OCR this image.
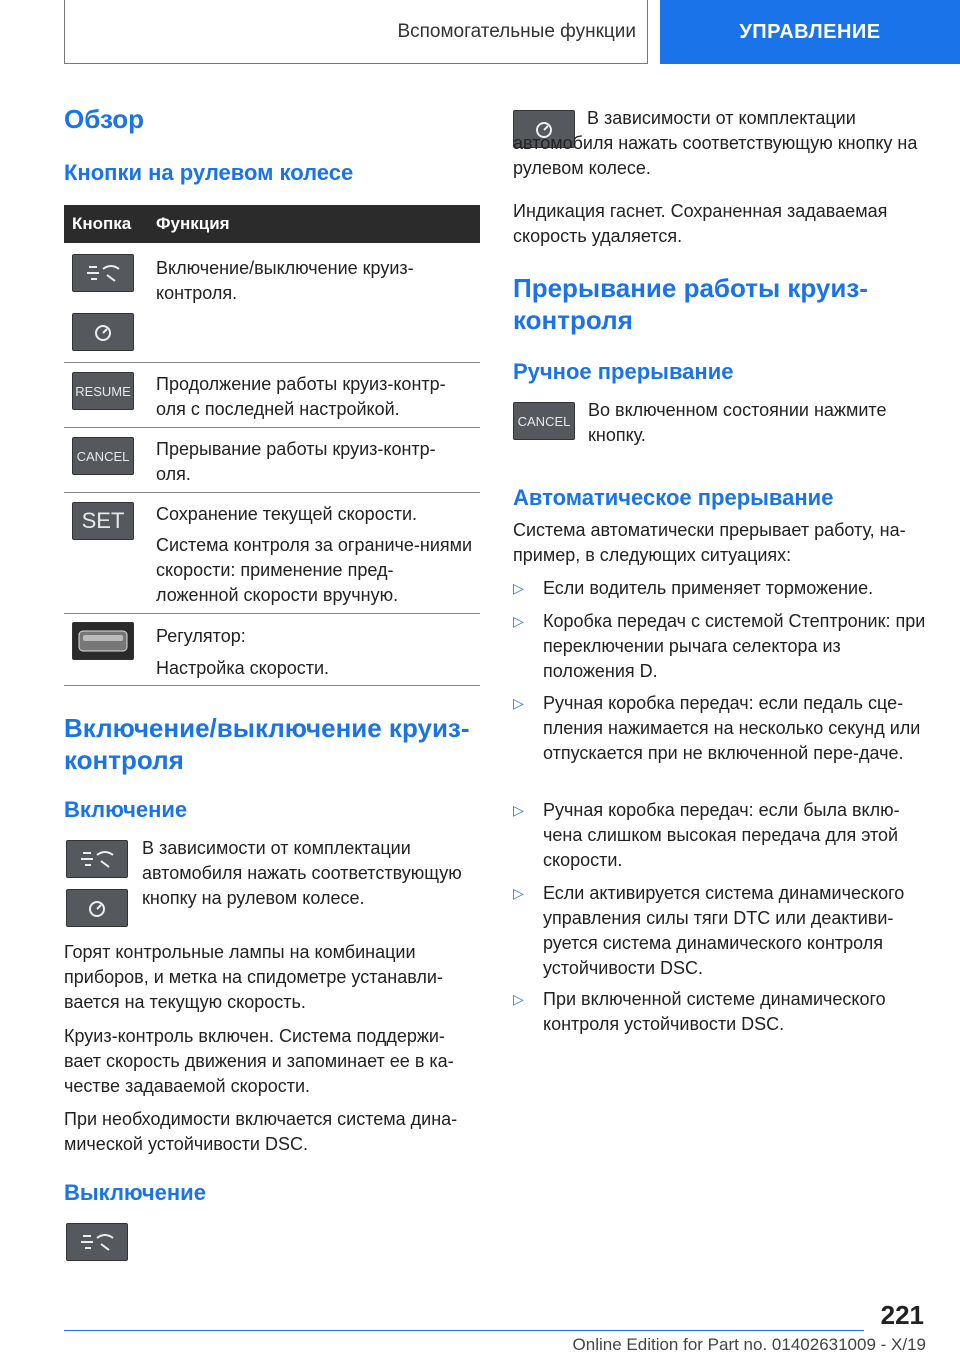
Вспомогательные функции	УПРАВЛЕНИЕ
Обзор
Кнопки на рулевом колесе
Кнопка Функция

Включение/выключение круиз-контроля.

RESUME Продолжение работы круиз-контр-оля с последней настройкой.

CANCEL Прерывание работы круиз-контр-оля.

SET	Сохранение текущей скорости.

Система контроля за ограниче-ниями скорости: применение пред-ложенной скорости вручную.

Регулятор:

Настройка скорости.

Включение/выключение круиз-контроля
Включение

В зависимости от комплектации автомобиля нажать соответствующую кнопку на рулевом колесе.

Горят контрольные лампы на комбинации приборов, и метка на спидометре устанавли-вается на текущую скорость.

Круиз-контроль включен. Система поддержи-вает скорость движения и запоминает ее в ка-честве задаваемой скорости.

При необходимости включается система дина-мической устойчивости DSC.

Выключение

В зависимости от комплектации автомобиля нажать соответствующую кнопку на рулевом колесе.

Индикация гаснет. Сохраненная задаваемая скорость удаляется.

Прерывание работы круиз-контроля
Ручное прерывание
CANCEL

Во включенном состоянии нажмите кнопку.

Автоматическое прерывание

Система автоматически прерывает работу, на-пример, в следующих ситуациях:

▷ Если водитель применяет торможение.
▷ Коробка передач с системой Стептроник: при переключении рычага селектора из положения D.
▷ Ручная коробка передач: если педаль сце-пления нажимается на несколько секунд или отпускается при не включенной пере-даче.
▷ Ручная коробка передач: если была вклю-чена слишком высокая передача для этой скорости.
▷ Если активируется система динамического управления силы тяги DTC или деактиви-руется система динамического контроля устойчивости DSC.
▷ При включенной системе динамического контроля устойчивости DSC.
221
Online Edition for Part no. 01402631009 - X/19
